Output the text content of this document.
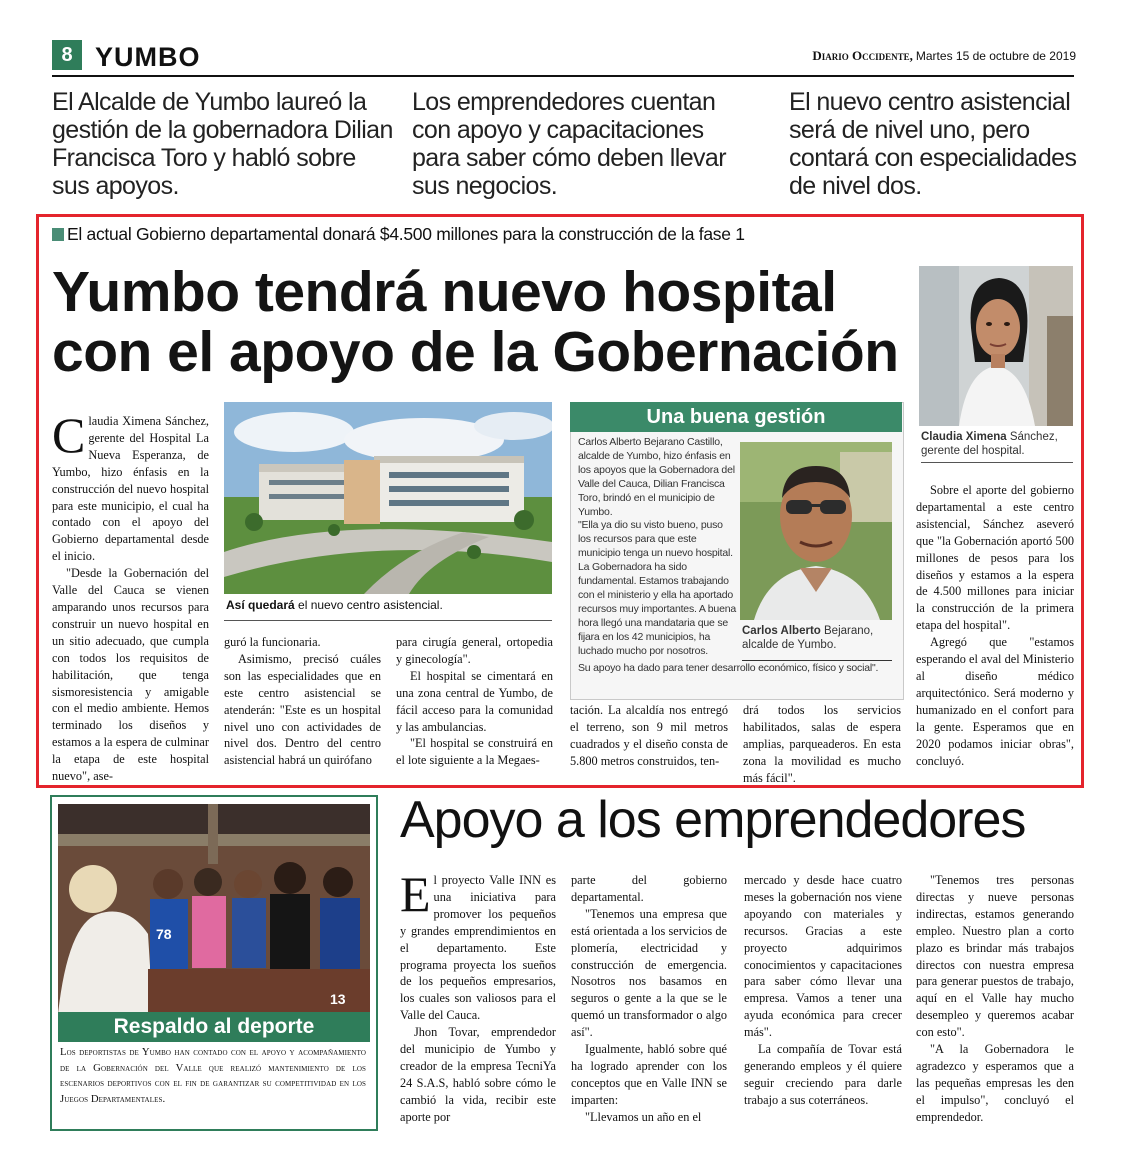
8 YUMBO	Diario Occidente, Martes 15 de octubre de 2019
El Alcalde de Yumbo laureó la gestión de la gobernadora Dilian Francisca Toro y habló sobre sus apoyos.
Los emprendedores cuentan con apoyo y capacitaciones para saber cómo deben llevar sus negocios.
El nuevo centro asistencial será de nivel uno, pero contará con especialidades de nivel dos.
El actual Gobierno departamental donará $4.500 millones para la construcción de la fase 1
Yumbo tendrá nuevo hospital con el apoyo de la Gobernación
Claudia Ximena Sánchez, gerente del hospital.

Claudia Ximena Sánchez, gerente del Hospital La Nueva Esperanza, de Yumbo, hizo énfasis en la construcción del nuevo hospital para este municipio, el cual ha contado con el apoyo del Gobierno departamental desde el inicio.

"Desde la Gobernación del Valle del Cauca se vienen amparando unos recursos para construir un nuevo hospital en un sitio adecuado, que cumpla con todos los requisitos de habilitación, que tenga sismoresistencia y amigable con el medio ambiente. Hemos terminado los diseños y estamos a la espera de culminar la etapa de este hospital nuevo", ase-

Así quedará el nuevo centro asistencial.

guró la funcionaria.

Asimismo, precisó cuáles son las especialidades que en este centro asistencial se atenderán: "Este es un hospital nivel uno con actividades de nivel dos. Dentro del centro asistencial habrá un quirófano

para cirugía general, ortopedia y ginecología".

El hospital se cimentará en una zona central de Yumbo, de fácil acceso para la comunidad y las ambulancias.

"El hospital se construirá en el lote siguiente a la Megaes-

Una buena gestión

Carlos Alberto Bejarano Castillo, alcalde de Yumbo, hizo énfasis en los apoyos que la Gobernadora del Valle del Cauca, Dilian Francisca Toro, brindó en el municipio de Yumbo.

"Ella ya dio su visto bueno, puso los recursos para que este municipio tenga un nuevo hospital. La Gobernadora ha sido fundamental. Estamos trabajando con el ministerio y ella ha aportado recursos muy importantes. A buena hora llegó una mandataria que se fijara en los 42 municipios, ha luchado mucho por nosotros.

Su apoyo ha dado para tener desarrollo económico, físico y social".
Carlos Alberto Bejarano, alcalde de Yumbo.

tación. La alcaldía nos entregó el terreno, son 9 mil metros cuadrados y el diseño consta de 5.800 metros construidos, ten-

drá todos los servicios habilitados, salas de espera amplias, parqueaderos. En esta zona la movilidad es mucho más fácil".

Sobre el aporte del gobierno departamental a este centro asistencial, Sánchez aseveró que "la Gobernación aportó 500 millones de pesos para los diseños y estamos a la espera de 4.500 millones para iniciar la construcción de la primera etapa del hospital".

Agregó que "estamos esperando el aval del Ministerio al diseño médico arquitectónico. Será moderno y humanizado en el confort para la gente. Esperamos que en 2020 podamos iniciar obras", concluyó.

78
13
Respaldo al deporte
Los deportistas de Yumbo han contado con el apoyo y acompañamiento de la Gobernación del Valle que realizó mantenimiento de los escenarios deportivos con el fin de garantizar su competitividad en los Juegos Departamentales.
Apoyo a los emprendedores

El proyecto Valle INN es una iniciativa para promover los pequeños y grandes emprendimientos en el departamento. Este programa proyecta los sueños de los pequeños empresarios, los cuales son valiosos para el Valle del Cauca.

Jhon Tovar, emprendedor del municipio de Yumbo y creador de la empresa TecniYa 24 S.A.S, habló sobre cómo le cambió la vida, recibir este aporte por

parte del gobierno departamental.

"Tenemos una empresa que está orientada a los servicios de plomería, electricidad y construcción de emergencia. Nosotros nos basamos en seguros o gente a la que se le quemó un transformador o algo así".

Igualmente, habló sobre qué ha logrado aprender con los conceptos que en Valle INN se imparten:

"Llevamos un año en el

mercado y desde hace cuatro meses la gobernación nos viene apoyando con materiales y recursos. Gracias a este proyecto adquirimos conocimientos y capacitaciones para saber cómo llevar una empresa. Vamos a tener una ayuda económica para crecer más".

La compañía de Tovar está generando empleos y él quiere seguir creciendo para darle trabajo a sus coterráneos.

"Tenemos tres personas directas y nueve personas indirectas, estamos generando empleo. Nuestro plan a corto plazo es brindar más trabajos directos con nuestra empresa para generar puestos de trabajo, aquí en el Valle hay mucho desempleo y queremos acabar con esto".

"A la Gobernadora le agradezco y esperamos que a las pequeñas empresas les den el impulso", concluyó el emprendedor.
